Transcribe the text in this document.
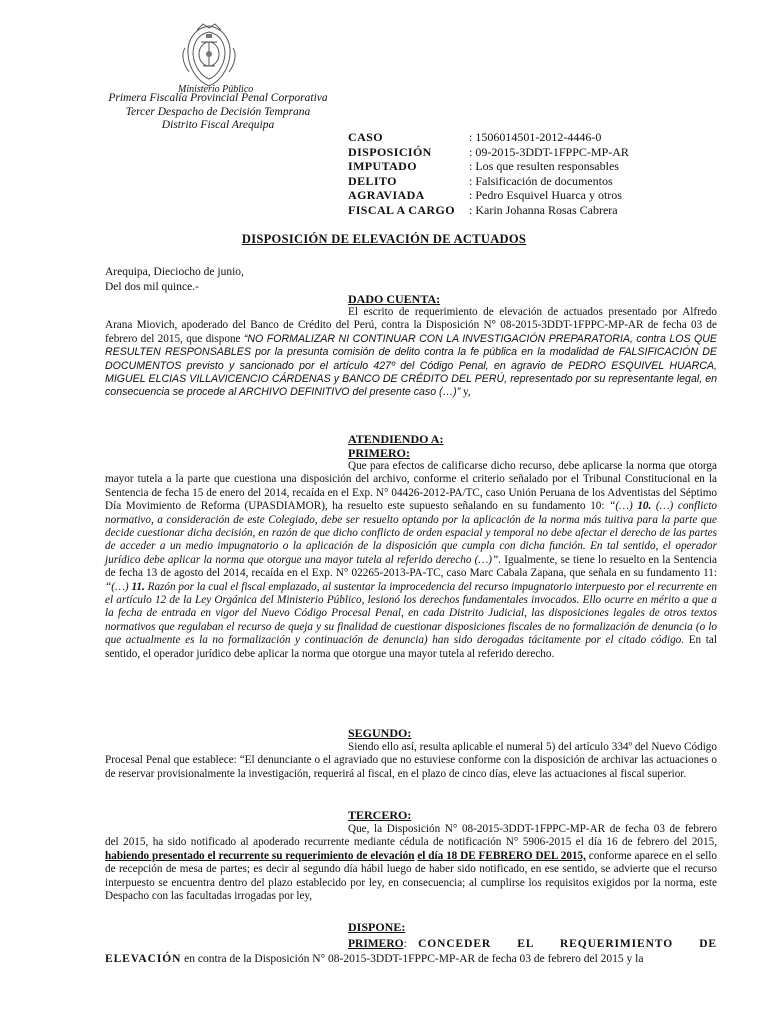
Ministerio Público
Primera Fiscalía Provincial Penal Corporativa
Tercer Despacho de Decisión Temprana
Distrito Fiscal Arequipa
CASO	: 1506014501-2012-4446-0
DISPOSICIÓN	: 09-2015-3DDT-1FPPC-MP-AR
IMPUTADO	: Los que resulten responsables
DELITO	: Falsificación de documentos
AGRAVIADA	: Pedro Esquivel Huarca y otros
FISCAL A CARGO	: Karin Johanna Rosas Cabrera
DISPOSICIÓN DE ELEVACIÓN DE ACTUADOS
Arequipa, Dieciocho de junio,
Del dos mil quince.-
DADO CUENTA:
El escrito de requerimiento de elevación de actuados presentado por Alfredo Arana Miovich, apoderado del Banco de Crédito del Perú, contra la Disposición N° 08-2015-3DDT-1FPPC-MP-AR de fecha 03 de febrero del 2015, que dispone “NO FORMALIZAR NI CONTINUAR CON LA INVESTIGACIÓN PREPARATORIA, contra LOS QUE RESULTEN RESPONSABLES por la presunta comisión de delito contra la fe pública en la modalidad de FALSIFICACIÓN DE DOCUMENTOS previsto y sancionado por el artículo 427º del Código Penal, en agravio de PEDRO ESQUIVEL HUARCA, MIGUEL ELCIAS VILLAVICENCIO CÁRDENAS y BANCO DE CRÉDITO DEL PERÚ, representado por su representante legal, en consecuencia se procede al ARCHIVO DEFINITIVO del presente caso (…)” y,
ATENDIENDO A:
PRIMERO:
Que para efectos de calificarse dicho recurso, debe aplicarse la norma que otorga mayor tutela a la parte que cuestiona una disposición del archivo, conforme el criterio señalado por el Tribunal Constitucional en la Sentencia de fecha 15 de enero del 2014, recaída en el Exp. N° 04426-2012-PA/TC, caso Unión Peruana de los Adventistas del Séptimo Día Movimiento de Reforma (UPASDIAMOR), ha resuelto este supuesto señalando en su fundamento 10: “(…) 10. (…) conflicto normativo, a consideración de este Colegiado, debe ser resuelto optando por la aplicación de la norma más tuitiva para la parte que decide cuestionar dicha decisión, en razón de que dicho conflicto de orden espacial y temporal no debe afectar el derecho de las partes de acceder a un medio impugnatorio o la aplicación de la disposición que cumpla con dicha función. En tal sentido, el operador jurídico debe aplicar la norma que otorgue una mayor tutela al referido derecho (…)”. Igualmente, se tiene lo resuelto en la Sentencia de fecha 13 de agosto del 2014, recaída en el Exp. N° 02265-2013-PA-TC, caso Marc Cabala Zapana, que señala en su fundamento 11: “(…) 11. Razón por la cual el fiscal emplazado, al sustentar la improcedencia del recurso impugnatorio interpuesto por el recurrente en el artículo 12 de la Ley Orgánica del Ministerio Público, lesionó los derechos fundamentales invocados. Ello ocurre en mérito a que a la fecha de entrada en vigor del Nuevo Código Procesal Penal, en cada Distrito Judicial, las disposiciones legales de otros textos normativos que regulaban el recurso de queja y su finalidad de cuestionar disposiciones fiscales de no formalización de denuncia (o lo que actualmente es la no formalización y continuación de denuncia) han sido derogadas tácitamente por el citado código. En tal sentido, el operador jurídico debe aplicar la norma que otorgue una mayor tutela al referido derecho.
SEGUNDO:
Siendo ello así, resulta aplicable el numeral 5) del artículo 334º del Nuevo Código Procesal Penal que establece: “El denunciante o el agraviado que no estuviese conforme con la disposición de archivar las actuaciones o de reservar provisionalmente la investigación, requerirá al fiscal, en el plazo de cinco días, eleve las actuaciones al fiscal superior.
TERCERO:
Que, la Disposición N° 08-2015-3DDT-1FPPC-MP-AR de fecha 03 de febrero del 2015, ha sido notificado al apoderado recurrente mediante cédula de notificación N° 5906-2015 el día 16 de febrero del 2015, habiendo presentado el recurrente su requerimiento de elevación el día 18 DE FEBRERO DEL 2015, conforme aparece en el sello de recepción de mesa de partes; es decir al segundo día hábil luego de haber sido notificado, en ese sentido, se advierte que el recurso interpuesto se encuentra dentro del plazo establecido por ley, en consecuencia; al cumplirse los requisitos exigidos por la norma, este Despacho con las facultadas irrogadas por ley,
DISPONE:
PRIMERO: CONCEDER EL REQUERIMIENTO DE ELEVACIÓN en contra de la Disposición N° 08-2015-3DDT-1FPPC-MP-AR de fecha 03 de febrero del 2015 y la
